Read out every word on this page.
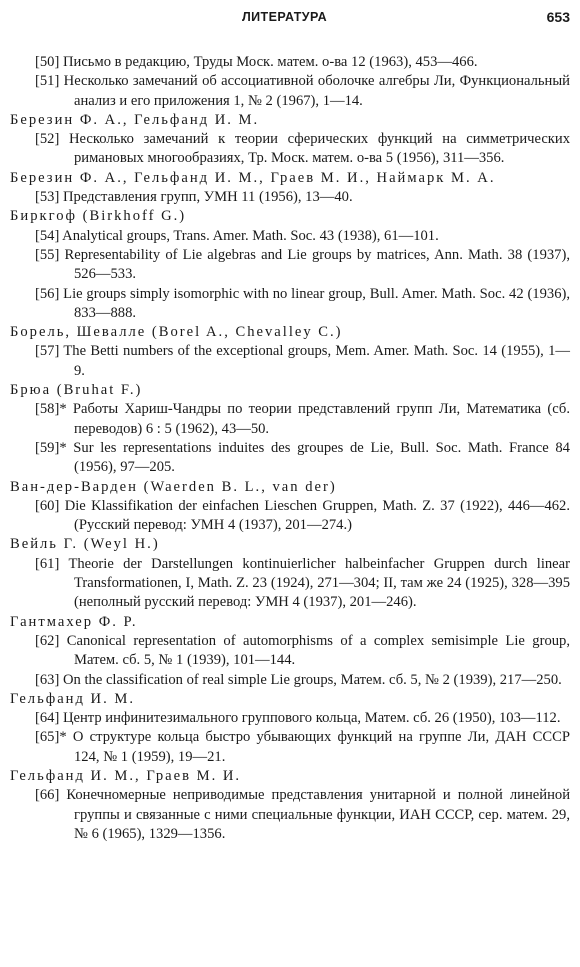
ЛИТЕРАТУРА	653
[50] Письмо в редакцию, Труды Моск. матем. о-ва 12 (1963), 453—466.
[51] Несколько замечаний об ассоциативной оболочке алгебры Ли, Функциональный анализ и его приложения 1, № 2 (1967), 1—14.
Березин Ф. А., Гельфанд И. М.
[52] Несколько замечаний к теории сферических функций на симметрических римановых многообразиях, Тр. Моск. матем. о-ва 5 (1956), 311—356.
Березин Ф. А., Гельфанд И. М., Граев М. И., Наймарк М. А.
[53] Представления групп, УМН 11 (1956), 13—40.
Биркгоф (Birkhoff G.)
[54] Analytical groups, Trans. Amer. Math. Soc. 43 (1938), 61—101.
[55] Representability of Lie algebras and Lie groups by matrices, Ann. Math. 38 (1937), 526—533.
[56] Lie groups simply isomorphic with no linear group, Bull. Amer. Math. Soc. 42 (1936), 833—888.
Борель, Шевалле (Borel A., Chevalley C.)
[57] The Betti numbers of the exceptional groups, Mem. Amer. Math. Soc. 14 (1955), 1—9.
Брюа (Bruhat F.)
[58]* Работы Хариш-Чандры по теории представлений групп Ли, Математика (сб. переводов) 6 : 5 (1962), 43—50.
[59]* Sur les representations induites des groupes de Lie, Bull. Soc. Math. France 84 (1956), 97—205.
Ван-дер-Варден (Waerden B. L., van der)
[60] Die Klassifikation der einfachen Lieschen Gruppen, Math. Z. 37 (1922), 446—462. (Русский перевод: УМН 4 (1937), 201—274.)
Вейль Г. (Weyl H.)
[61] Theorie der Darstellungen kontinuierlicher halbeinfacher Gruppen durch linear Transformationen, I, Math. Z. 23 (1924), 271—304; II, там же 24 (1925), 328—395 (неполный русский перевод: УМН 4 (1937), 201—246).
Гантмахер Ф. Р.
[62] Canonical representation of automorphisms of a complex semisimple Lie group, Матем. сб. 5, № 1 (1939), 101—144.
[63] On the classification of real simple Lie groups, Матем. сб. 5, № 2 (1939), 217—250.
Гельфанд И. М.
[64] Центр инфинитезимального группового кольца, Матем. сб. 26 (1950), 103—112.
[65]* О структуре кольца быстро убывающих функций на группе Ли, ДАН СССР 124, № 1 (1959), 19—21.
Гельфанд И. М., Граев М. И.
[66] Конечномерные неприводимые представления унитарной и полной линейной группы и связанные с ними специальные функции, ИАН СССР, сер. матем. 29, № 6 (1965), 1329—1356.
